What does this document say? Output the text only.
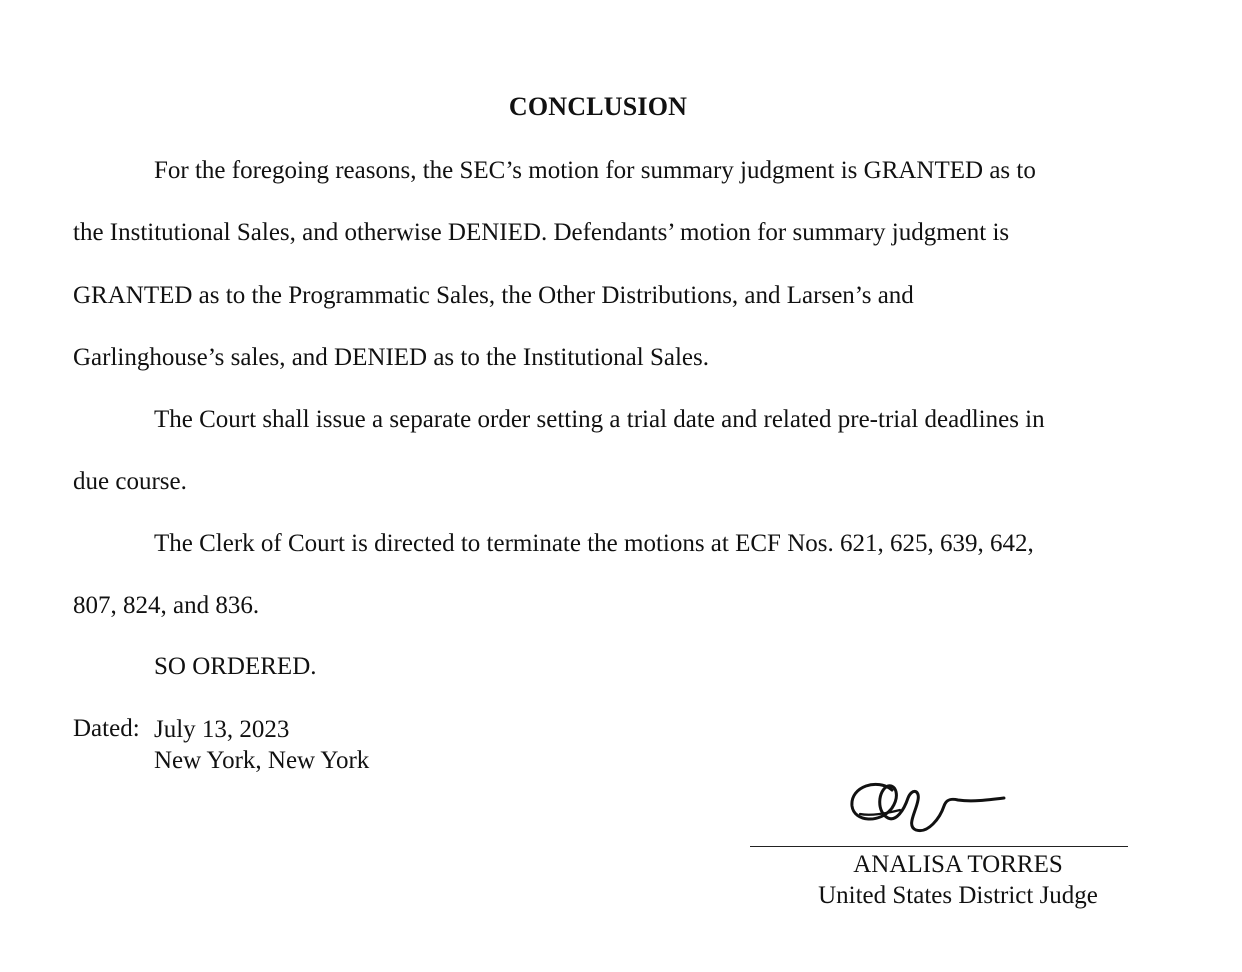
CONCLUSION
For the foregoing reasons, the SEC’s motion for summary judgment is GRANTED as to
the Institutional Sales, and otherwise DENIED. Defendants’ motion for summary judgment is
GRANTED as to the Programmatic Sales, the Other Distributions, and Larsen’s and
Garlinghouse’s sales, and DENIED as to the Institutional Sales.
The Court shall issue a separate order setting a trial date and related pre-trial deadlines in
due course.
The Clerk of Court is directed to terminate the motions at ECF Nos. 621, 625, 639, 642,
807, 824, and 836.
SO ORDERED.
Dated: July 13, 2023
New York, New York
ANALISA TORRES
United States District Judge
